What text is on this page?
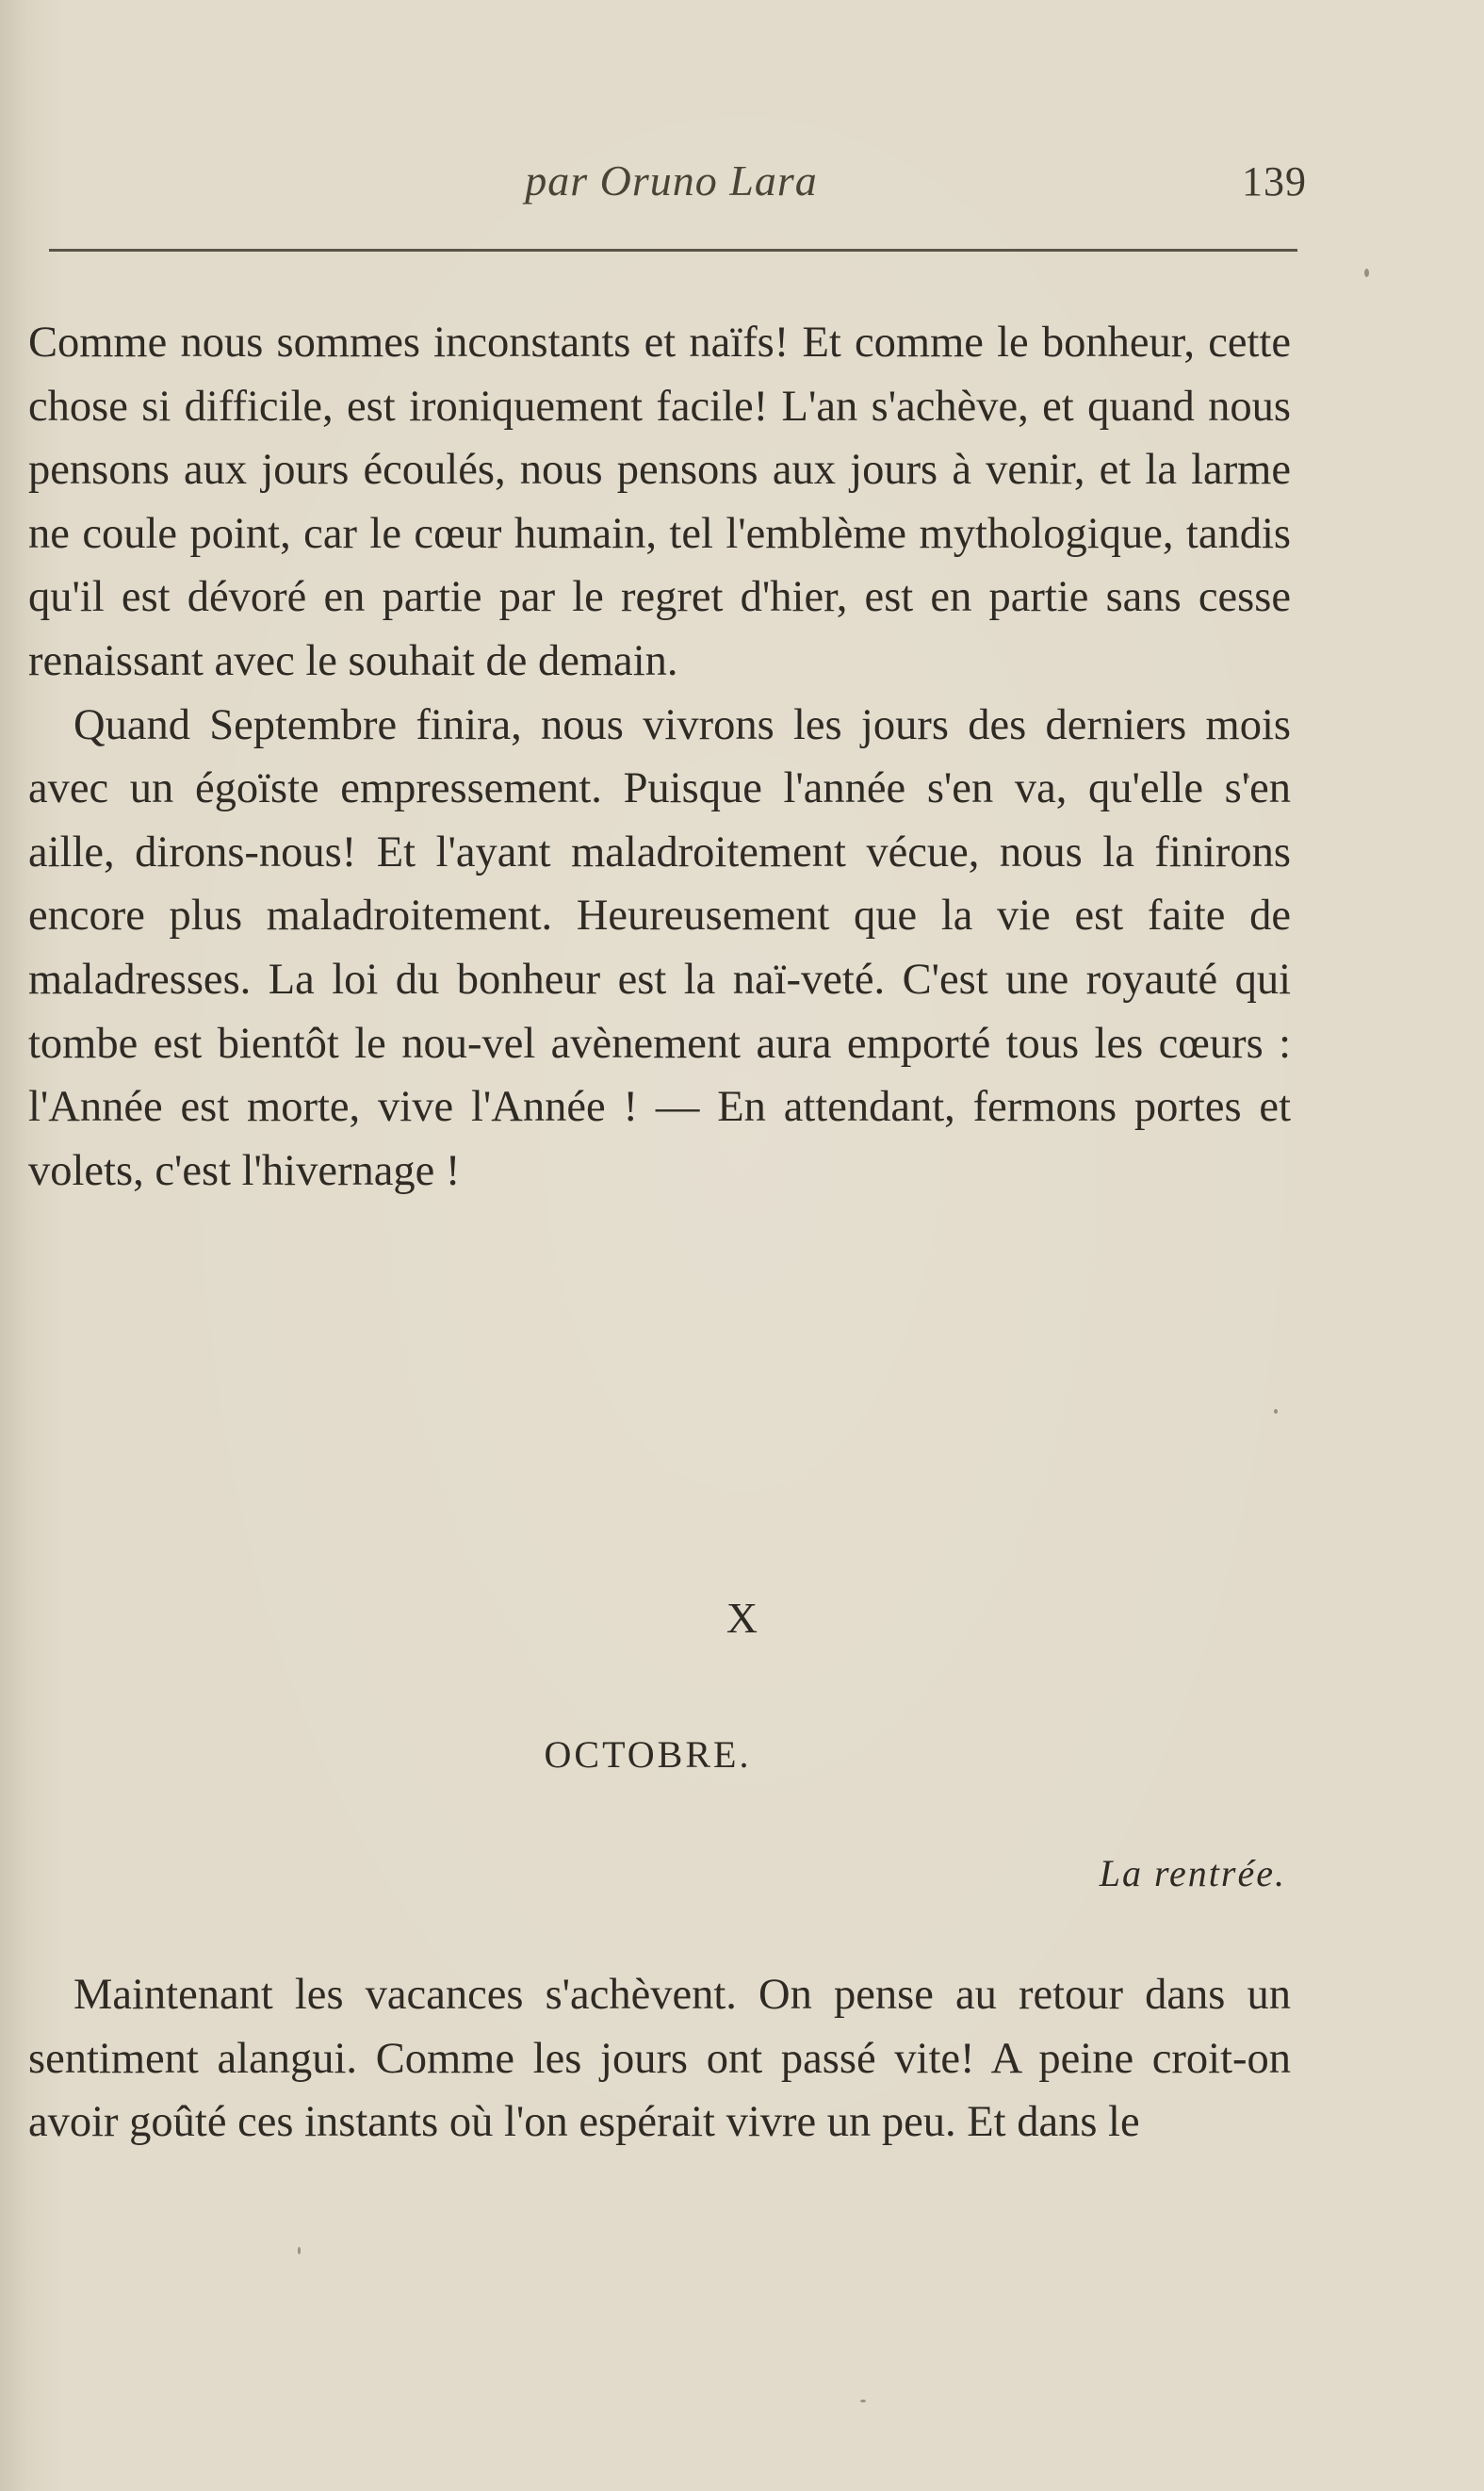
par Oruno Lara	139

Comme nous sommes inconstants et naïfs! Et comme le bonheur, cette chose si difficile, est ironiquement facile! L'an s'achève, et quand nous pensons aux jours écoulés, nous pensons aux jours à venir, et la larme ne coule point, car le cœur humain, tel l'emblème mythologique, tandis qu'il est dévoré en partie par le regret d'hier, est en partie sans cesse renaissant avec le souhait de demain.

Quand Septembre finira, nous vivrons les jours des derniers mois avec un égoïste empressement. Puisque l'année s'en va, qu'elle s'en aille, dirons-nous! Et l'ayant maladroitement vécue, nous la finirons encore plus maladroitement. Heureusement que la vie est faite de maladresses. La loi du bonheur est la naï-veté. C'est une royauté qui tombe est bientôt le nou-vel avènement aura emporté tous les cœurs : l'Année est morte, vive l'Année ! — En attendant, fermons portes et volets, c'est l'hivernage !

X
OCTOBRE.
La rentrée.

Maintenant les vacances s'achèvent. On pense au retour dans un sentiment alangui. Comme les jours ont passé vite! A peine croit-on avoir goûté ces instants où l'on espérait vivre un peu. Et dans le
